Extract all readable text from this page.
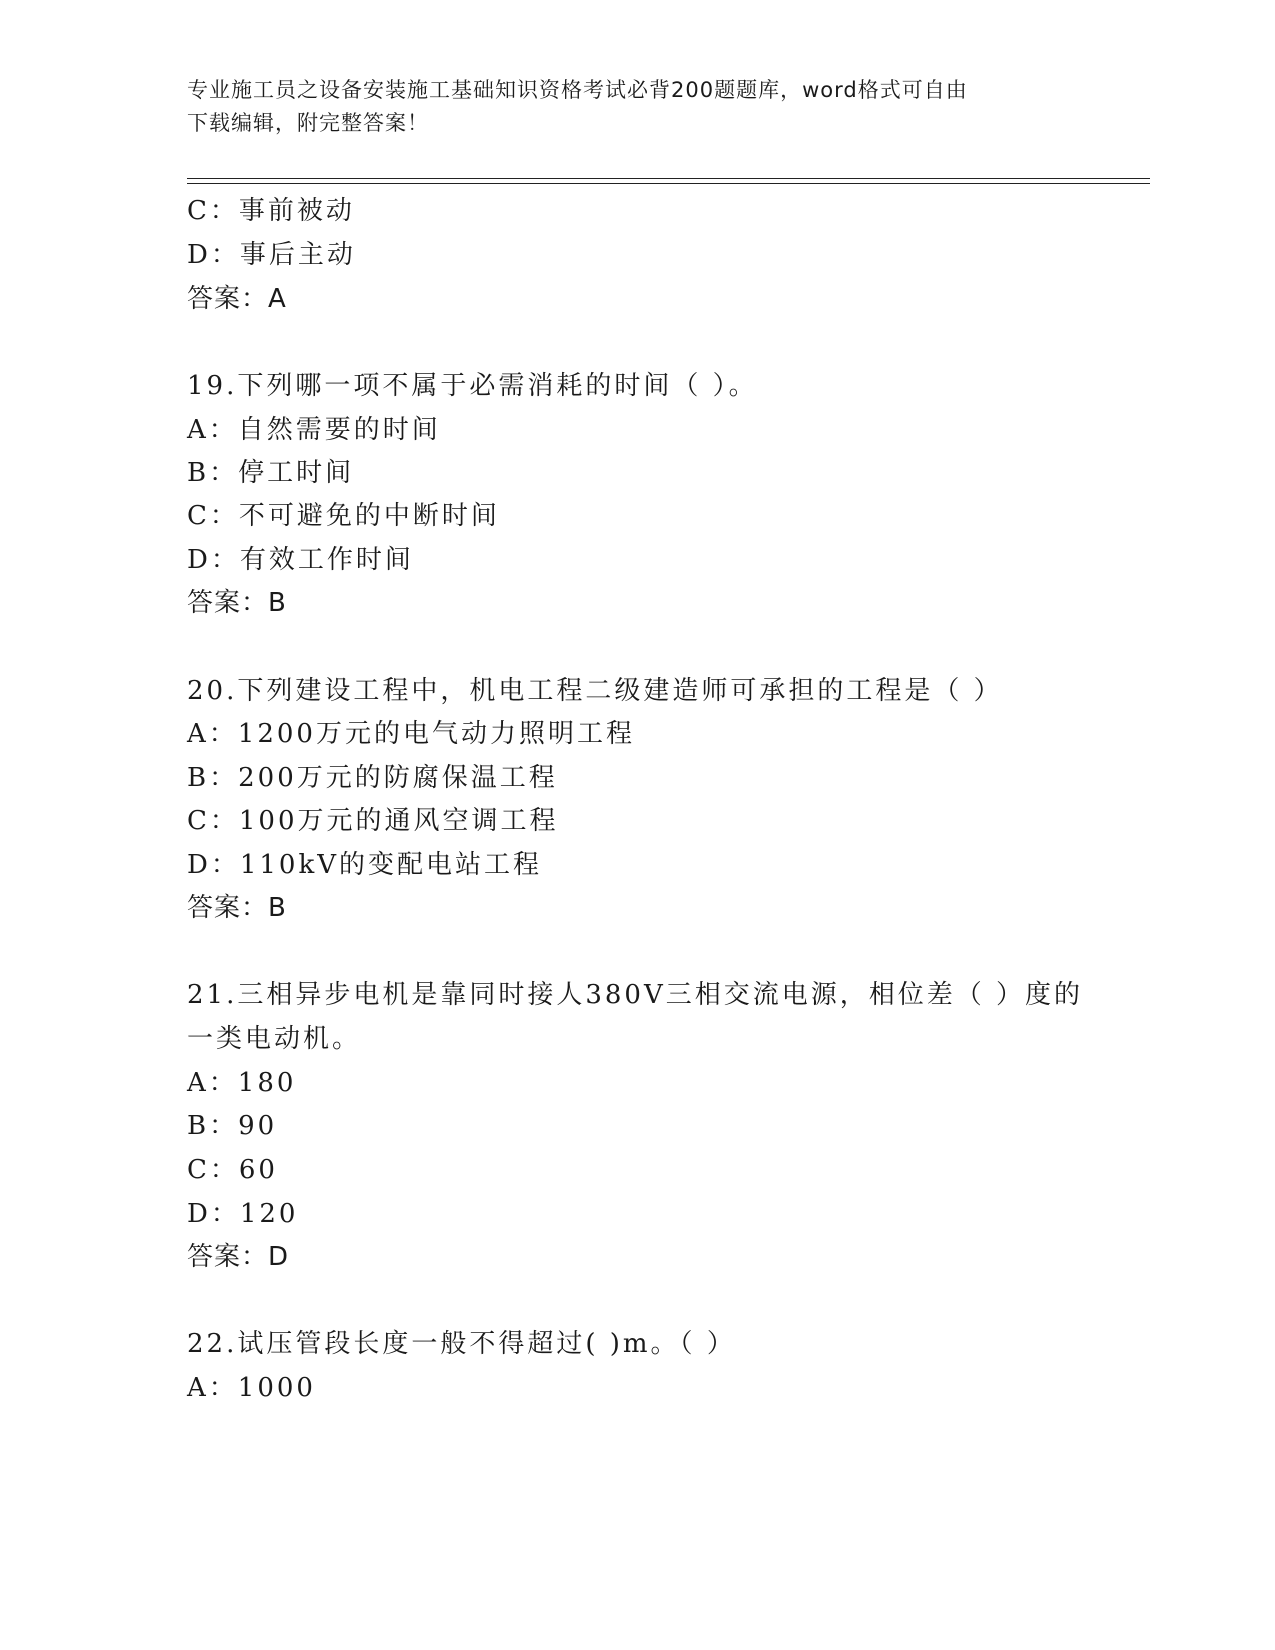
专业施工员之设备安装施工基础知识资格考试必背200题题库，word格式可自由
下载编辑，附完整答案！
C：事前被动
D：事后主动
答案：A
19.下列哪一项不属于必需消耗的时间（ ）。
A：自然需要的时间
B：停工时间
C：不可避免的中断时间
D：有效工作时间
答案：B
20.下列建设工程中，机电工程二级建造师可承担的工程是（ ）
A：1200万元的电气动力照明工程
B：200万元的防腐保温工程
C：100万元的通风空调工程
D：110kV的变配电站工程
答案：B
21.三相异步电机是靠同时接人380V三相交流电源，相位差（ ）度的
一类电动机。
A：180
B：90
C：60
D：120
答案：D
22.试压管段长度一般不得超过( )m。（ ）
A：1000
